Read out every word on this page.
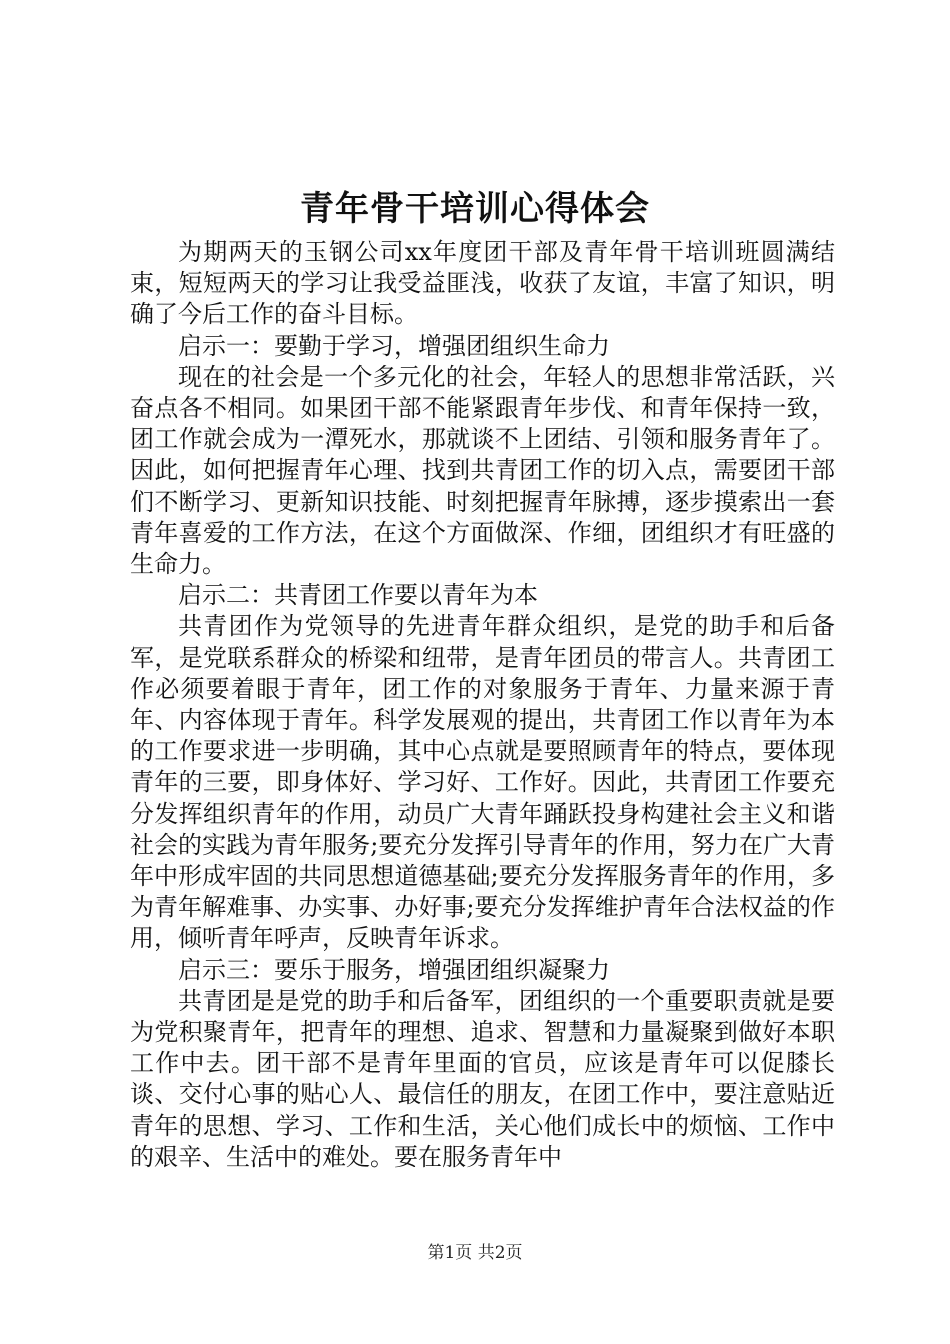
青年骨干培训心得体会

为期两天的玉钢公司xx年度团干部及青年骨干培训班圆满结束，短短两天的学习让我受益匪浅，收获了友谊，丰富了知识，明确了今后工作的奋斗目标。

启示一：要勤于学习，增强团组织生命力

现在的社会是一个多元化的社会，年轻人的思想非常活跃，兴奋点各不相同。如果团干部不能紧跟青年步伐、和青年保持一致，团工作就会成为一潭死水，那就谈不上团结、引领和服务青年了。因此，如何把握青年心理、找到共青团工作的切入点，需要团干部们不断学习、更新知识技能、时刻把握青年脉搏，逐步摸索出一套青年喜爱的工作方法，在这个方面做深、作细，团组织才有旺盛的生命力。

启示二：共青团工作要以青年为本

共青团作为党领导的先进青年群众组织，是党的助手和后备军，是党联系群众的桥梁和纽带，是青年团员的带言人。共青团工作必须要着眼于青年，团工作的对象服务于青年、力量来源于青年、内容体现于青年。科学发展观的提出，共青团工作以青年为本的工作要求进一步明确，其中心点就是要照顾青年的特点，要体现青年的三要，即身体好、学习好、工作好。因此，共青团工作要充分发挥组织青年的作用，动员广大青年踊跃投身构建社会主义和谐社会的实践为青年服务;要充分发挥引导青年的作用，努力在广大青年中形成牢固的共同思想道德基础;要充分发挥服务青年的作用，多为青年解难事、办实事、办好事;要充分发挥维护青年合法权益的作用，倾听青年呼声，反映青年诉求。

启示三：要乐于服务，增强团组织凝聚力

共青团是是党的助手和后备军，团组织的一个重要职责就是要为党积聚青年，把青年的理想、追求、智慧和力量凝聚到做好本职工作中去。团干部不是青年里面的官员，应该是青年可以促膝长谈、交付心事的贴心人、最信任的朋友，在团工作中，要注意贴近青年的思想、学习、工作和生活，关心他们成长中的烦恼、工作中的艰辛、生活中的难处。要在服务青年中

第1页 共2页
